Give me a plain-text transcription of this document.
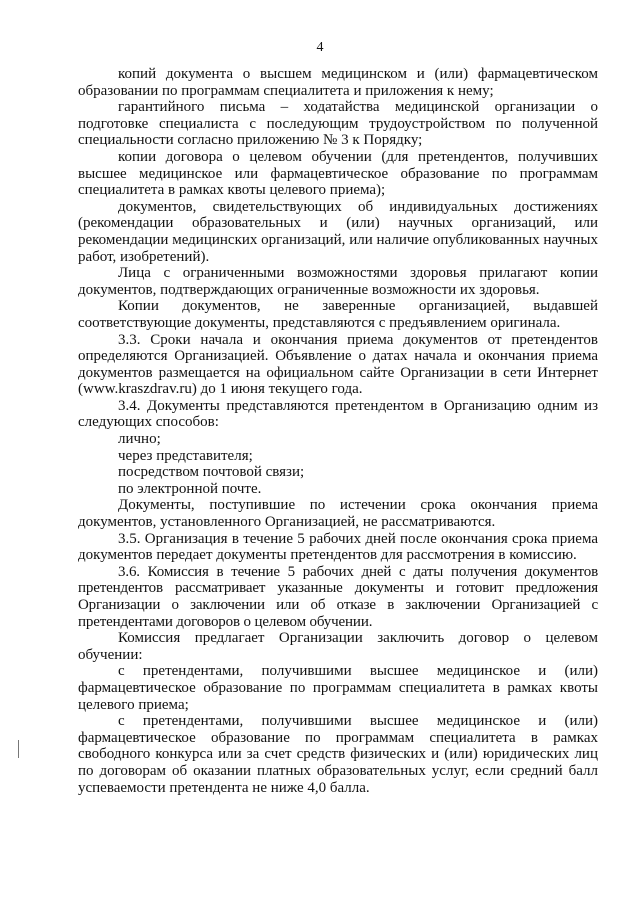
4

копий документа о высшем медицинском и (или) фармацевтическом образовании по программам специалитета и приложения к нему;

гарантийного письма – ходатайства медицинской организации о подготовке специалиста с последующим трудоустройством по полученной специальности согласно приложению № 3 к Порядку;

копии договора о целевом обучении (для претендентов, получивших высшее медицинское или фармацевтическое образование по программам специалитета в рамках квоты целевого приема);

документов, свидетельствующих об индивидуальных достижениях (рекомендации образовательных и (или) научных организаций, или рекомендации медицинских организаций, или наличие опубликованных научных работ, изобретений).

Лица с ограниченными возможностями здоровья прилагают копии документов, подтверждающих ограниченные возможности их здоровья.

Копии документов, не заверенные организацией, выдавшей соответствующие документы, представляются с предъявлением оригинала.

3.3. Сроки начала и окончания приема документов от претендентов определяются Организацией. Объявление о датах начала и окончания приема документов размещается на официальном сайте Организации в сети Интернет (www.kraszdrav.ru) до 1 июня текущего года.

3.4. Документы представляются претендентом в Организацию одним из следующих способов:

лично;

через представителя;

посредством почтовой связи;

по электронной почте.

Документы, поступившие по истечении срока окончания приема документов, установленного Организацией, не рассматриваются.

3.5. Организация в течение 5 рабочих дней после окончания срока приема документов передает документы претендентов для рассмотрения в комиссию.

3.6. Комиссия в течение 5 рабочих дней с даты получения документов претендентов рассматривает указанные документы и готовит предложения Организации о заключении или об отказе в заключении Организацией с претендентами договоров о целевом обучении.

Комиссия предлагает Организации заключить договор о целевом обучении:

с претендентами, получившими высшее медицинское и (или) фармацевтическое образование по программам специалитета в рамках квоты целевого приема;

с претендентами, получившими высшее медицинское и (или) фармацевтическое образование по программам специалитета в рамках свободного конкурса или за счет средств физических и (или) юридических лиц по договорам об оказании платных образовательных услуг, если средний балл успеваемости претендента не ниже 4,0 балла.
